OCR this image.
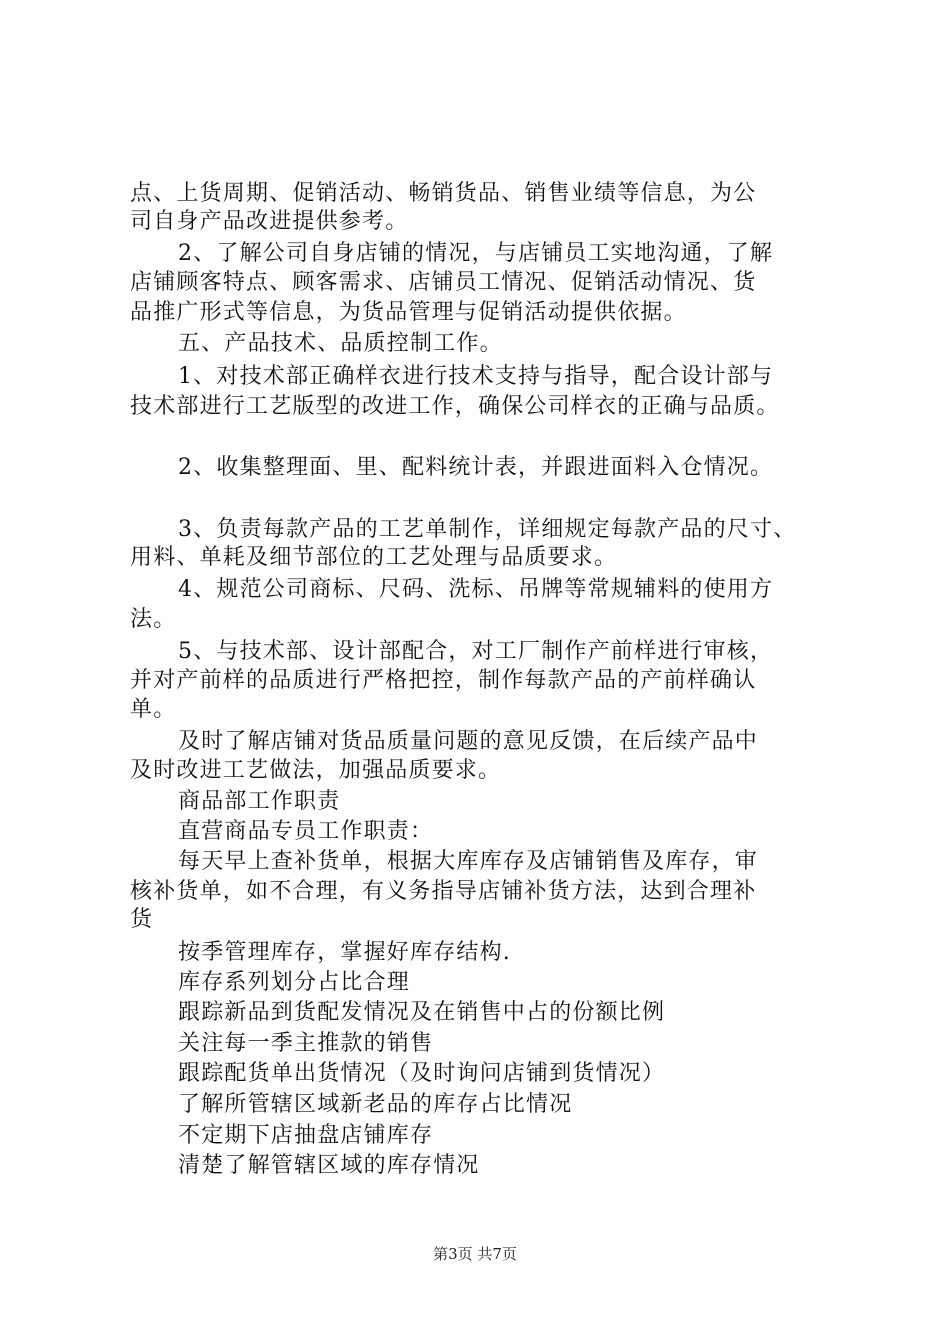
点、上货周期、促销活动、畅销货品、销售业绩等信息，为公
司自身产品改进提供参考。
2、了解公司自身店铺的情况，与店铺员工实地沟通，了解
店铺顾客特点、顾客需求、店铺员工情况、促销活动情况、货
品推广形式等信息，为货品管理与促销活动提供依据。
五、产品技术、品质控制工作。
1、对技术部正确样衣进行技术支持与指导，配合设计部与
技术部进行工艺版型的改进工作，确保公司样衣的正确与品质。
2、收集整理面、里、配料统计表，并跟进面料入仓情况。
3、负责每款产品的工艺单制作，详细规定每款产品的尺寸、
用料、单耗及细节部位的工艺处理与品质要求。
4、规范公司商标、尺码、洗标、吊牌等常规辅料的使用方
法。
5、与技术部、设计部配合，对工厂制作产前样进行审核，
并对产前样的品质进行严格把控，制作每款产品的产前样确认
单。
及时了解店铺对货品质量问题的意见反馈，在后续产品中
及时改进工艺做法，加强品质要求。
商品部工作职责
直营商品专员工作职责：
每天早上查补货单，根据大库库存及店铺销售及库存，审
核补货单，如不合理，有义务指导店铺补货方法，达到合理补
货
按季管理库存，掌握好库存结构.
库存系列划分占比合理
跟踪新品到货配发情况及在销售中占的份额比例
关注每一季主推款的销售
跟踪配货单出货情况（及时询问店铺到货情况）
了解所管辖区域新老品的库存占比情况
不定期下店抽盘店铺库存
清楚了解管辖区域的库存情况
第3页 共7页
